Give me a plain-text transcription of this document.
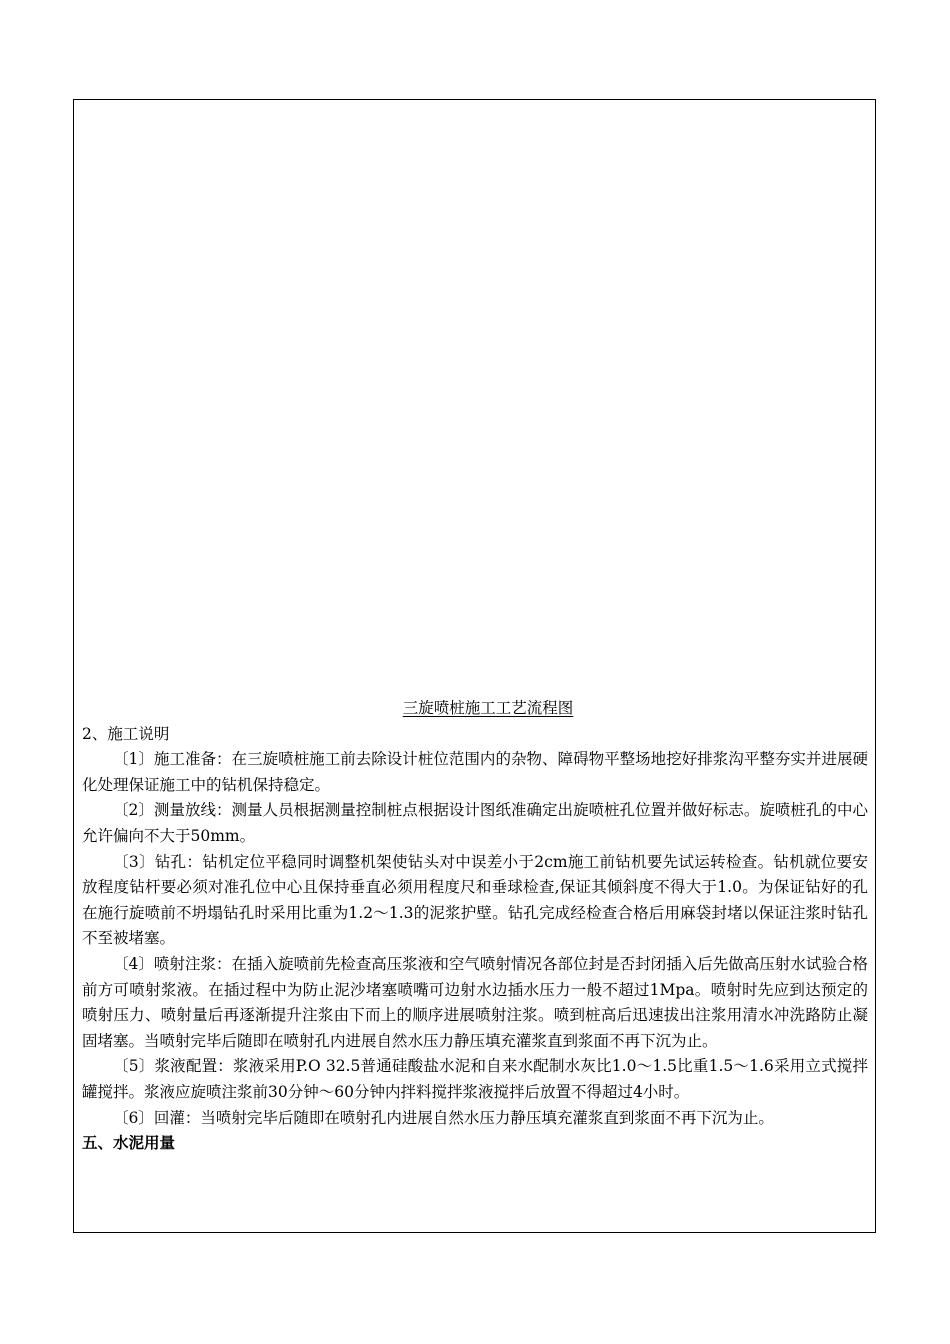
三旋喷桩施工工艺流程图
2、施工说明
〔1〕施工准备：在三旋喷桩施工前去除设计桩位范围内的杂物、障碍物平整场地挖好排浆沟平整夯实并进展硬化处理保证施工中的钻机保持稳定。
〔2〕测量放线：测量人员根据测量控制桩点根据设计图纸准确定出旋喷桩孔位置并做好标志。旋喷桩孔的中心允许偏向不大于50mm。
〔3〕钻孔：钻机定位平稳同时调整机架使钻头对中误差小于2cm施工前钻机要先试运转检查。钻机就位要安放程度钻杆要必须对准孔位中心且保持垂直必须用程度尺和垂球检查,保证其倾斜度不得大于1.0。为保证钻好的孔在施行旋喷前不坍塌钻孔时采用比重为1.2～1.3的泥浆护壁。钻孔完成经检查合格后用麻袋封堵以保证注浆时钻孔不至被堵塞。
〔4〕喷射注浆：在插入旋喷前先检查高压浆液和空气喷射情况各部位封是否封闭插入后先做高压射水试验合格前方可喷射浆液。在插过程中为防止泥沙堵塞喷嘴可边射水边插水压力一般不超过1Mpa。喷射时先应到达预定的喷射压力、喷射量后再逐渐提升注浆由下而上的顺序进展喷射注浆。喷到桩高后迅速拔出注浆用清水冲洗路防止凝固堵塞。当喷射完毕后随即在喷射孔内进展自然水压力静压填充灌浆直到浆面不再下沉为止。
〔5〕浆液配置：浆液采用P.O 32.5普通硅酸盐水泥和自来水配制水灰比1.0～1.5比重1.5～1.6采用立式搅拌罐搅拌。浆液应旋喷注浆前30分钟～60分钟内拌料搅拌浆液搅拌后放置不得超过4小时。
〔6〕回灌：当喷射完毕后随即在喷射孔内进展自然水压力静压填充灌浆直到浆面不再下沉为止。
五、水泥用量
